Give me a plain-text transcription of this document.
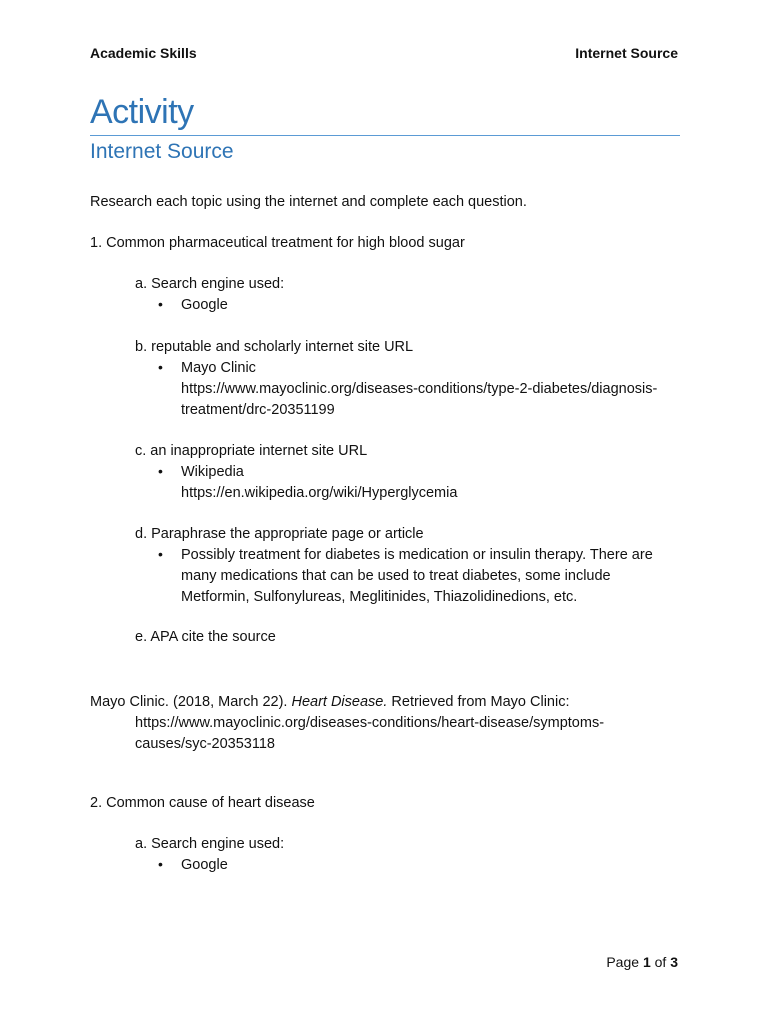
Academic Skills	Internet Source
Activity
Internet Source
Research each topic using the internet and complete each question.
1. Common pharmaceutical treatment for high blood sugar
a. Search engine used:
• Google
b. reputable and scholarly internet site URL
• Mayo Clinic
https://www.mayoclinic.org/diseases-conditions/type-2-diabetes/diagnosis-
treatment/drc-20351199
c. an inappropriate internet site URL
• Wikipedia
https://en.wikipedia.org/wiki/Hyperglycemia
d. Paraphrase the appropriate page or article
• Possibly treatment for diabetes is medication or insulin therapy. There are
many medications that can be used to treat diabetes, some include
Metformin, Sulfonylureas, Meglitinides, Thiazolidinedions, etc.
e. APA cite the source
Mayo Clinic. (2018, March 22). Heart Disease. Retrieved from Mayo Clinic:
https://www.mayoclinic.org/diseases-conditions/heart-disease/symptoms-
causes/syc-20353118
2. Common cause of heart disease
a. Search engine used:
• Google
Page 1 of 3
